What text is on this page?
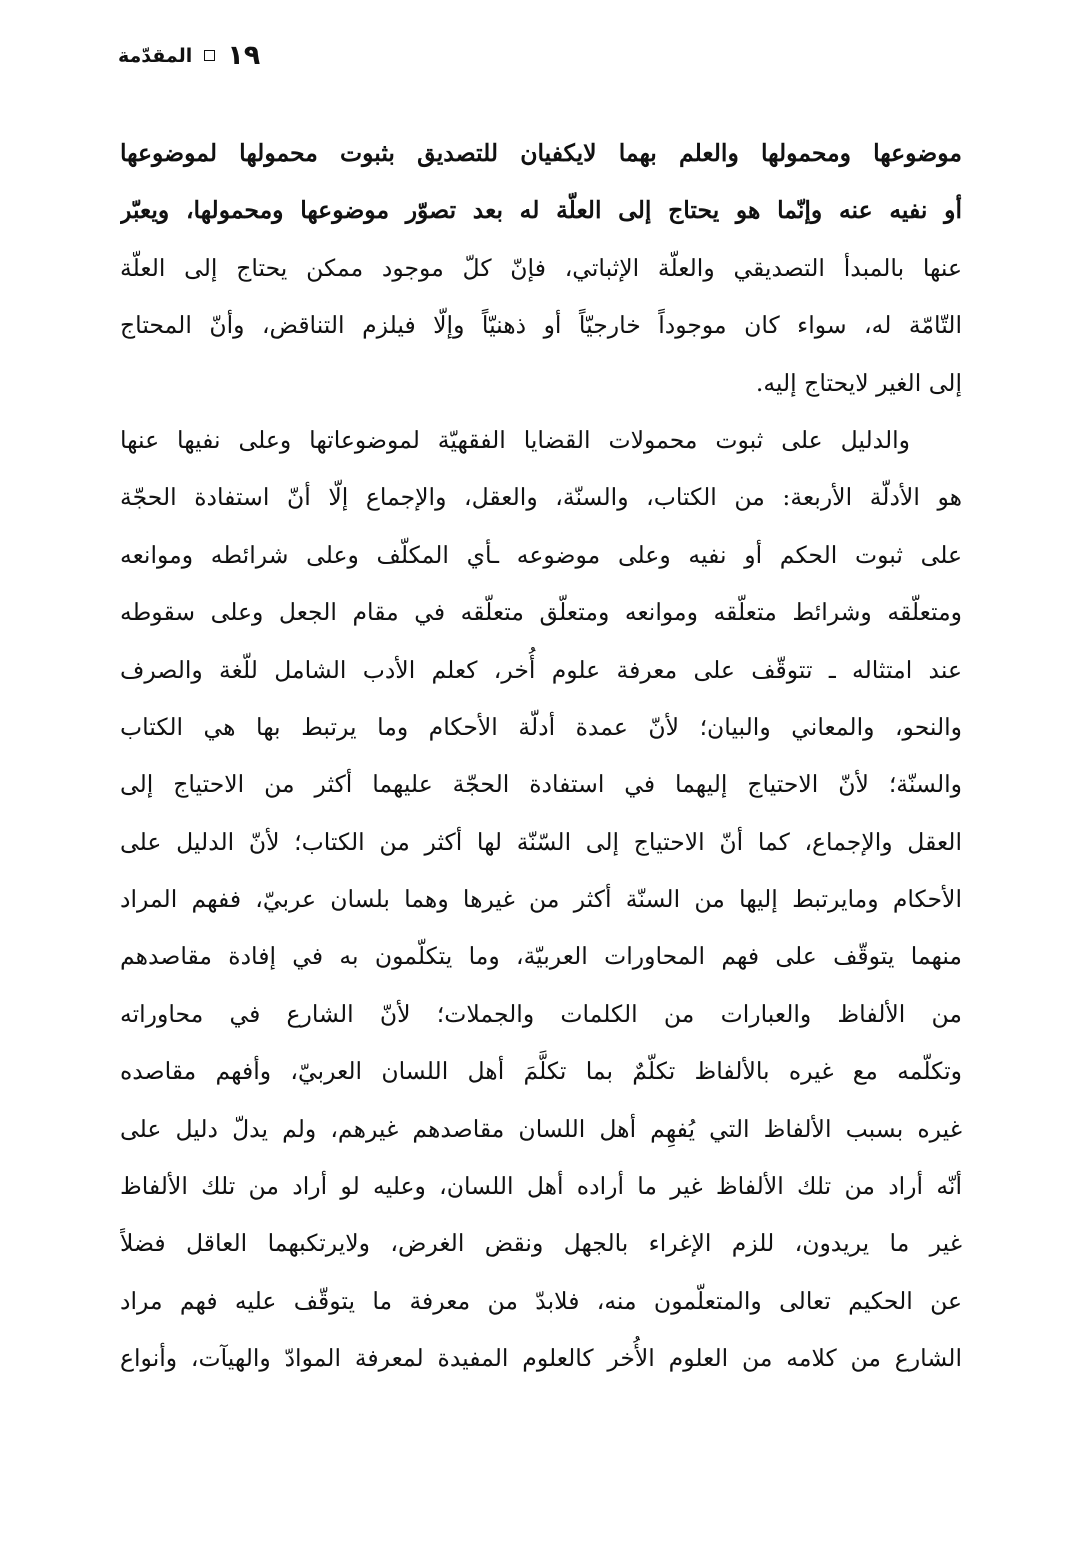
المقدّمة ١٩
موضوعها ومحمولها والعلم بهما لايكفيان للتصديق بثبوت محمولها لموضوعها
أو نفيه عنه وإنّما هو يحتاج إلى العلّة له بعد تصوّر موضوعها ومحمولها، ويعبّر
عنها بالمبدأ التصديقي والعلّة الإثباتي، فإنّ كلّ موجود ممكن يحتاج إلى العلّة
التّامّة له، سواء كان موجوداً خارجيّاً أو ذهنيّاً وإلّا فيلزم التناقض، وأنّ المحتاج
إلى الغير لايحتاج إليه.
والدليل على ثبوت محمولات القضايا الفقهيّة لموضوعاتها وعلى نفيها عنها
هو الأدلّة الأربعة: من الكتاب، والسنّة، والعقل، والإجماع إلّا أنّ استفادة الحجّة
على ثبوت الحكم أو نفيه وعلى موضوعه ـأي المكلّف وعلى شرائطه وموانعه
ومتعلّقه وشرائط متعلّقه وموانعه ومتعلّق متعلّقه في مقام الجعل وعلى سقوطه
عند امتثاله ـ تتوقّف على معرفة علوم أُخر، كعلم الأدب الشامل للّغة والصرف
والنحو، والمعاني والبيان؛ لأنّ عمدة أدلّة الأحكام وما يرتبط بها هي الكتاب
والسنّة؛ لأنّ الاحتياج إليهما في استفادة الحجّة عليهما أكثر من الاحتياج إلى
العقل والإجماع، كما أنّ الاحتياج إلى السّنّة لها أكثر من الكتاب؛ لأنّ الدليل على
الأحكام ومايرتبط إليها من السنّة أكثر من غيرها وهما بلسان عربيّ، ففهم المراد
منهما يتوقّف على فهم المحاورات العربيّة، وما يتكلّمون به في إفادة مقاصدهم
من الألفاظ والعبارات من الكلمات والجملات؛ لأنّ الشارع في محاوراته
وتكلّمه مع غيره بالألفاظ تكلّمٌ بما تكلَّمَ أهل اللسان العربيّ، وأفهم مقاصده
غيره بسبب الألفاظ التي يُفهِم أهل اللسان مقاصدهم غيرهم، ولم يدلّ دليل على
أنّه أراد من تلك الألفاظ غير ما أراده أهل اللسان، وعليه لو أراد من تلك الألفاظ
غير ما يريدون، للزم الإغراء بالجهل ونقض الغرض، ولايرتكبهما العاقل فضلاً
عن الحكيم تعالى والمتعلّمون منه، فلابدّ من معرفة ما يتوقّف عليه فهم مراد
الشارع من كلامه من العلوم الأُخر كالعلوم المفيدة لمعرفة الموادّ والهيآت، وأنواع
